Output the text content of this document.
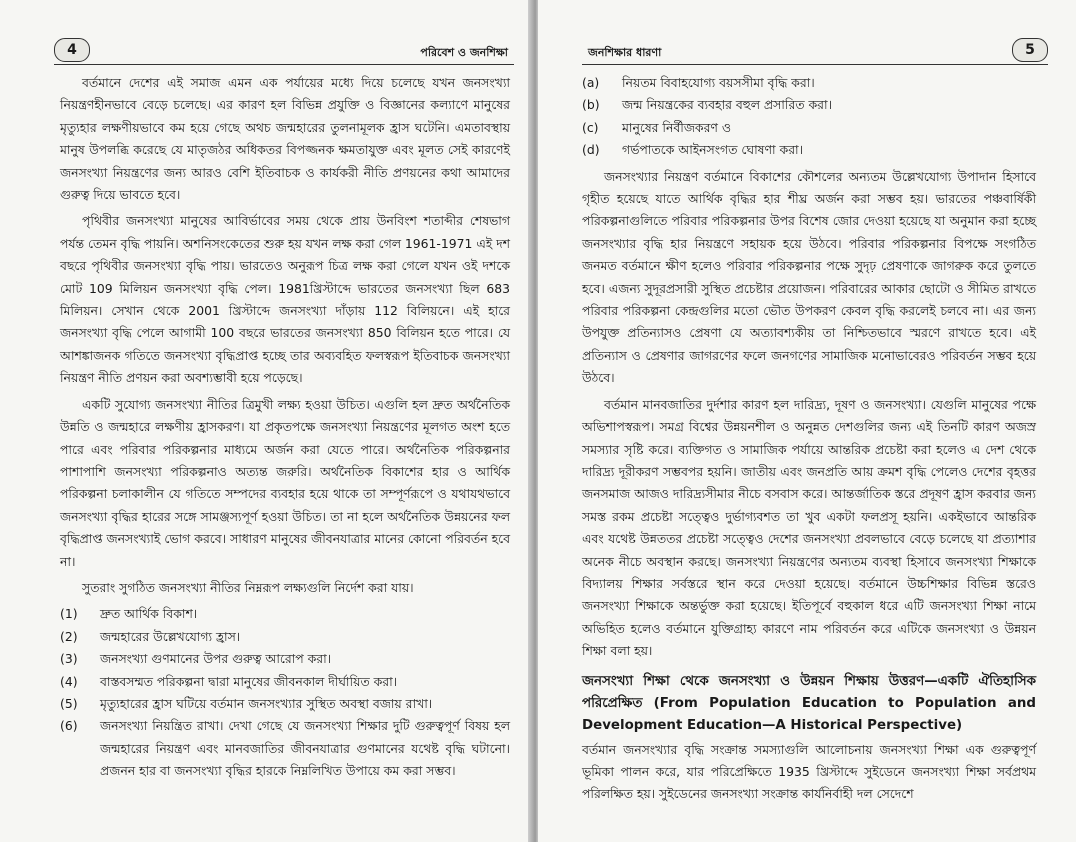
4	পরিবেশ ও জনশিক্ষা

বর্তমানে দেশের এই সমাজ এমন এক পর্যায়ের মধ্যে দিয়ে চলেছে যখন জনসংখ্যা নিয়ন্ত্রণহীনভাবে বেড়ে চলেছে। এর কারণ হল বিভিন্ন প্রযুক্তি ও বিজ্ঞানের কল্যাণে মানুষের মৃত্যুহার লক্ষণীয়ভাবে কম হয়ে গেছে অথচ জন্মহারের তুলনামূলক হ্রাস ঘটেনি। এমতাবস্থায় মানুষ উপলব্ধি করেছে যে মাতৃজঠর অধিকতর বিপজ্জনক ক্ষমতাযুক্ত এবং মূলত সেই কারণেই জনসংখ্যা নিয়ন্ত্রণের জন্য আরও বেশি ইতিবাচক ও কার্যকরী নীতি প্রণয়নের কথা আমাদের গুরুত্ব দিয়ে ভাবতে হবে।

পৃথিবীর জনসংখ্যা মানুষের আবির্ভাবের সময় থেকে প্রায় উনবিংশ শতাব্দীর শেষভাগ পর্যন্ত তেমন বৃদ্ধি পায়নি। অশনিসংকেতের শুরু হয় যখন লক্ষ করা গেল 1961-1971 এই দশ বছরে পৃথিবীর জনসংখ্যা বৃদ্ধি পায়। ভারতেও অনুরূপ চিত্র লক্ষ করা গেলে যখন ওই দশকে মোট 109 মিলিয়ন জনসংখ্যা বৃদ্ধি পেল। 1981খ্রিস্টাব্দে ভারতের জনসংখ্যা ছিল 683 মিলিয়ন। সেখান থেকে 2001 খ্রিস্টাব্দে জনসংখ্যা দাঁড়ায় 112 বিলিয়নে। এই হারে জনসংখ্যা বৃদ্ধি পেলে আগামী 100 বছরে ভারতের জনসংখ্যা 850 বিলিয়ন হতে পারে। যে আশঙ্কাজনক গতিতে জনসংখ্যা বৃদ্ধিপ্রাপ্ত হচ্ছে তার অব্যবহিত ফলস্বরূপ ইতিবাচক জনসংখ্যা নিয়ন্ত্রণ নীতি প্রণয়ন করা অবশ্যম্ভাবী হয়ে পড়েছে।

একটি সুযোগ্য জনসংখ্যা নীতির ত্রিমুখী লক্ষ্য হওয়া উচিত। এগুলি হল দ্রুত অর্থনৈতিক উন্নতি ও জন্মহারে লক্ষণীয় হ্রাসকরণ। যা প্রকৃতপক্ষে জনসংখ্যা নিয়ন্ত্রণের মূলগত অংশ হতে পারে এবং পরিবার পরিকল্পনার মাধ্যমে অর্জন করা যেতে পারে। অর্থনৈতিক পরিকল্পনার পাশাপাশি জনসংখ্যা পরিকল্পনাও অত্যন্ত জরুরি। অর্থনৈতিক বিকাশের হার ও আর্থিক পরিকল্পনা চলাকালীন যে গতিতে সম্পদের ব্যবহার হয়ে থাকে তা সম্পূর্ণরূপে ও যথাযথভাবে জনসংখ্যা বৃদ্ধির হারের সঙ্গে সামঞ্জস্যপূর্ণ হওয়া উচিত। তা না হলে অর্থনৈতিক উন্নয়নের ফল বৃদ্ধিপ্রাপ্ত জনসংখ্যাই ভোগ করবে। সাধারণ মানুষের জীবনযাত্রার মানের কোনো পরিবর্তন হবে না।

সুতরাং সুগঠিত জনসংখ্যা নীতির নিম্নরূপ লক্ষ্যগুলি নির্দেশ করা যায়।

(1) দ্রুত আর্থিক বিকাশ।
(2) জন্মহারের উল্লেখযোগ্য হ্রাস।
(3) জনসংখ্যা গুণমানের উপর গুরুত্ব আরোপ করা।
(4) বাস্তবসম্মত পরিকল্পনা দ্বারা মানুষের জীবনকাল দীর্ঘায়িত করা।
(5) মৃত্যুহারের হ্রাস ঘটিয়ে বর্তমান জনসংখ্যার সুস্থিত অবস্থা বজায় রাখা।
(6) জনসংখ্যা নিয়ন্ত্রিত রাখা। দেখা গেছে যে জনসংখ্যা শিক্ষার দুটি গুরুত্বপূর্ণ বিষয় হল জন্মহারের নিয়ন্ত্রণ এবং মানবজাতির জীবনযাত্রার গুণমানের যথেষ্ট বৃদ্ধি ঘটানো। প্রজনন হার বা জনসংখ্যা বৃদ্ধির হারকে নিম্নলিখিত উপায়ে কম করা সম্ভব।
জনশিক্ষার ধারণা	5
(a) নিয়তম বিবাহযোগ্য বয়সসীমা বৃদ্ধি করা।
(b) জন্ম নিয়ন্ত্রকের ব্যবহার বহুল প্রসারিত করা।
(c) মানুষের নির্বীজকরণ ও
(d) গর্ভপাতকে আইনসংগত ঘোষণা করা।

জনসংখ্যার নিয়ন্ত্রণ বর্তমানে বিকাশের কৌশলের অন্যতম উল্লেখযোগ্য উপাদান হিসাবে গৃহীত হয়েছে যাতে আর্থিক বৃদ্ধির হার শীঘ্র অর্জন করা সম্ভব হয়। ভারতের পঞ্চবার্ষিকী পরিকল্পনাগুলিতে পরিবার পরিকল্পনার উপর বিশেষ জোর দেওয়া হয়েছে যা অনুমান করা হচ্ছে জনসংখ্যার বৃদ্ধি হার নিয়ন্ত্রণে সহায়ক হয়ে উঠবে। পরিবার পরিকল্পনার বিপক্ষে সংগঠিত জনমত বর্তমানে ক্ষীণ হলেও পরিবার পরিকল্পনার পক্ষে সুদৃঢ় প্রেষণাকে জাগরুক করে তুলতে হবে। এজন্য সুদূরপ্রসারী সুস্থিত প্রচেষ্টার প্রয়োজন। পরিবারের আকার ছোটো ও সীমিত রাখতে পরিবার পরিকল্পনা কেন্দ্রগুলির মতো ভৌত উপকরণ কেবল বৃদ্ধি করলেই চলবে না। এর জন্য উপযুক্ত প্রতিন্যাসও প্রেষণা যে অত্যাবশ্যকীয় তা নিশ্চিতভাবে স্মরণে রাখতে হবে। এই প্রতিন্যাস ও প্রেষণার জাগরণের ফলে জনগণের সামাজিক মনোভাবেরও পরিবর্তন সম্ভব হয়ে উঠবে।

বর্তমান মানবজাতির দুর্দশার কারণ হল দারিদ্র্য, দূষণ ও জনসংখ্যা। যেগুলি মানুষের পক্ষে অভিশাপস্বরূপ। সমগ্র বিশ্বের উন্নয়নশীল ও অনুন্নত দেশগুলির জন্য এই তিনটি কারণ অজস্র সমস্যার সৃষ্টি করে। ব্যক্তিগত ও সামাজিক পর্যায়ে আন্তরিক প্রচেষ্টা করা হলেও এ দেশ থেকে দারিদ্র্য দূরীকরণ সম্ভবপর হয়নি। জাতীয় এবং জনপ্রতি আয় ক্রমশ বৃদ্ধি পেলেও দেশের বৃহত্তর জনসমাজ আজও দারিদ্র্যসীমার নীচে বসবাস করে। আন্তর্জাতিক স্তরে প্রদূষণ হ্রাস করবার জন্য সমস্ত রকম প্রচেষ্টা সত্ত্বেও দুর্ভাগ্যবশত তা খুব একটা ফলপ্রসূ হয়নি। একইভাবে আন্তরিক এবং যথেষ্ট উন্নততর প্রচেষ্টা সত্ত্বেও দেশের জনসংখ্যা প্রবলভাবে বেড়ে চলেছে যা প্রত্যাশার অনেক নীচে অবস্থান করছে। জনসংখ্যা নিয়ন্ত্রণের অন্যতম ব্যবস্থা হিসাবে জনসংখ্যা শিক্ষাকে বিদ্যালয় শিক্ষার সর্বস্তরে স্থান করে দেওয়া হয়েছে। বর্তমানে উচ্চশিক্ষার বিভিন্ন স্তরেও জনসংখ্যা শিক্ষাকে অন্তর্ভুক্ত করা হয়েছে। ইতিপূর্বে বহুকাল ধরে এটি জনসংখ্যা শিক্ষা নামে অভিহিত হলেও বর্তমানে যুক্তিগ্রাহ্য কারণে নাম পরিবর্তন করে এটিকে জনসংখ্যা ও উন্নয়ন শিক্ষা বলা হয়।

জনসংখ্যা শিক্ষা থেকে জনসংখ্যা ও উন্নয়ন শিক্ষায় উত্তরণ—একটি ঐতিহাসিক পরিপ্রেক্ষিত (From Population Education to Population and Development Education—A Historical Perspective)

বর্তমান জনসংখ্যার বৃদ্ধি সংক্রান্ত সমস্যাগুলি আলোচনায় জনসংখ্যা শিক্ষা এক গুরুত্বপূর্ণ ভূমিকা পালন করে, যার পরিপ্রেক্ষিতে 1935 খ্রিস্টাব্দে সুইডেনে জনসংখ্যা শিক্ষা সর্বপ্রথম পরিলক্ষিত হয়। সুইডেনের জনসংখ্যা সংক্রান্ত কার্যনির্বাহী দল সেদেশে
